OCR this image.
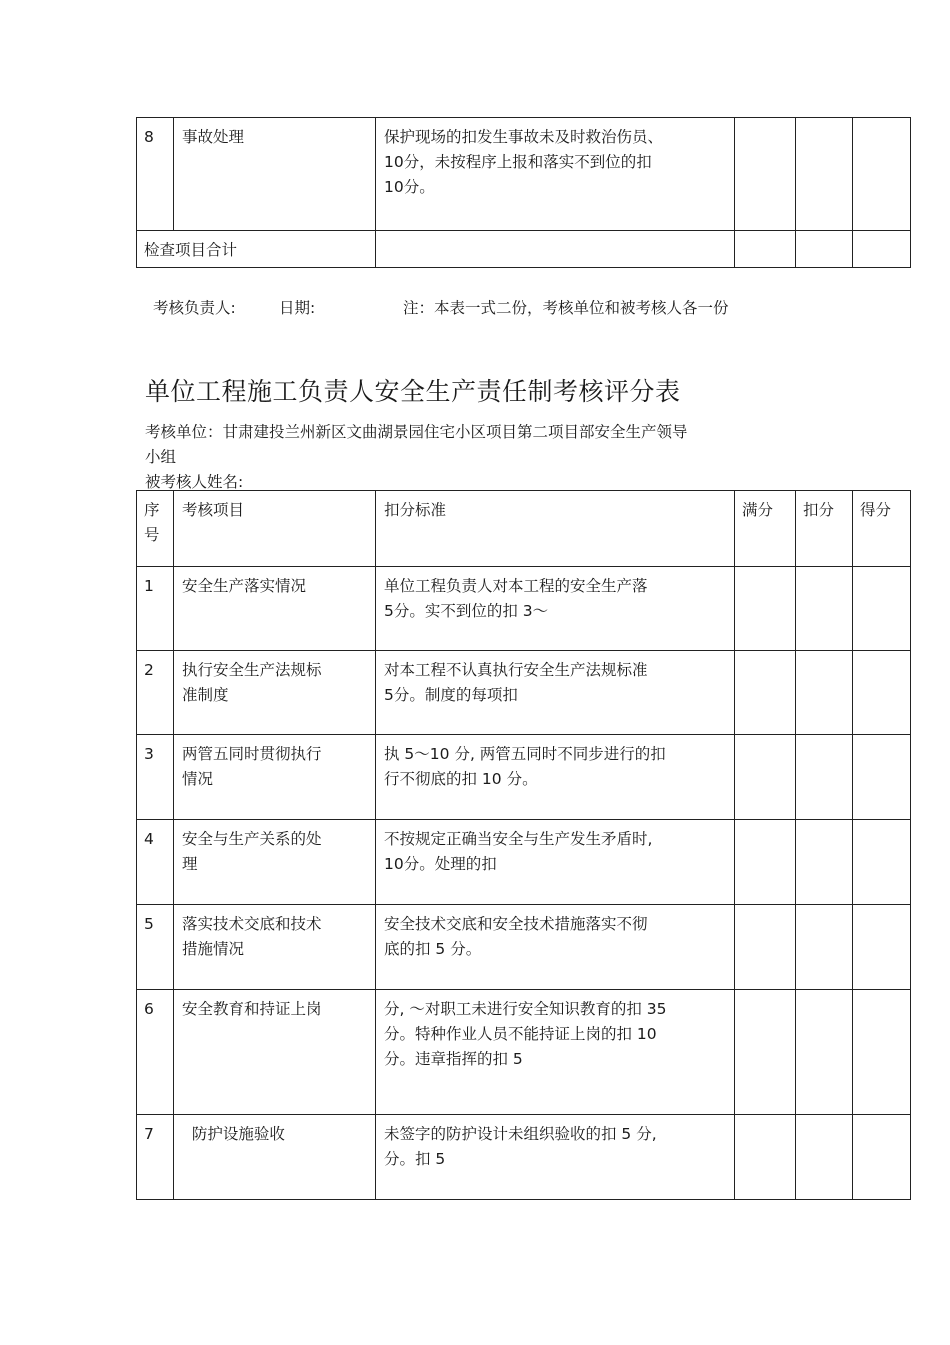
8	事故处理	保护现场的扣发生事故未及时救治伤员、
10分，未按程序上报和落实不到位的扣
10分。			
检查项目合计					
考核负责人:	日期:	注：本表一式二份，考核单位和被考核人各一份
单位工程施工负责人安全生产责任制考核评分表
考核单位：甘肃建投兰州新区文曲湖景园住宅小区项目第二项目部安全生产领导
小组
被考核人姓名:
序
号	考核项目	扣分标准	满分	扣分	得分
1	安全生产落实情况	单位工程负责人对本工程的安全生产落
5分。实不到位的扣 3～			
2	执行安全生产法规标
准制度	对本工程不认真执行安全生产法规标准
5分。制度的每项扣			
3	两管五同时贯彻执行
情况	执 5～10 分, 两管五同时不同步进行的扣
行不彻底的扣 10 分。			
4	安全与生产关系的处
理	不按规定正确当安全与生产发生矛盾时,
10分。处理的扣			
5	落实技术交底和技术
措施情况	安全技术交底和安全技术措施落实不彻
底的扣 5 分。			
6	安全教育和持证上岗	分, ～对职工未进行安全知识教育的扣 35
分。特种作业人员不能持证上岗的扣 10
分。违章指挥的扣 5			
7	防护设施验收	未签字的防护设计未组织验收的扣 5 分,
分。扣 5			
